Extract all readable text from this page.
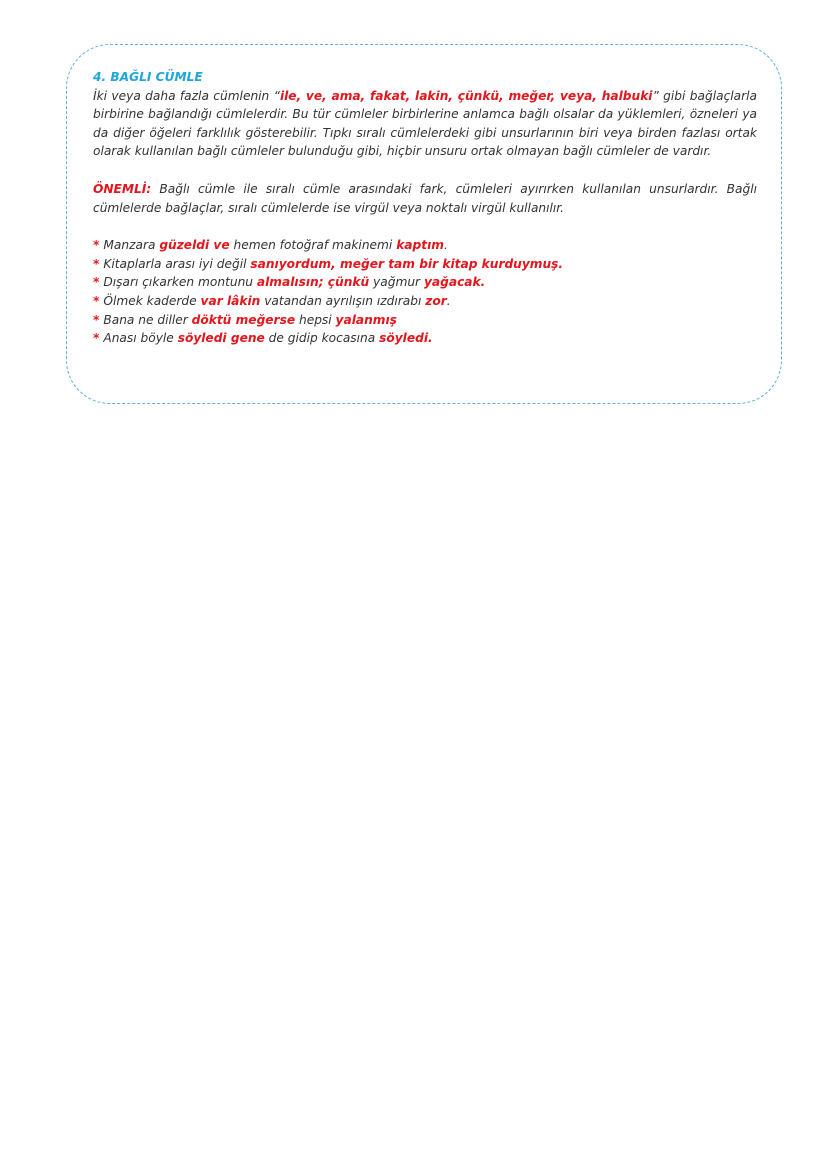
4. BAĞLI CÜMLE

İki veya daha fazla cümlenin “ile, ve, ama, fakat, lakin, çünkü, meğer, veya, halbuki” gibi bağlaçlarla birbirine bağlandığı cümlelerdir. Bu tür cümleler birbirlerine anlamca bağlı olsalar da yüklemleri, özneleri ya da diğer öğeleri farklılık gösterebilir. Tıpkı sıralı cümlelerdeki gibi unsurlarının biri veya birden fazlası ortak olarak kullanılan bağlı cümleler bulunduğu gibi, hiçbir unsuru ortak olmayan bağlı cümleler de vardır.

ÖNEMLİ: Bağlı cümle ile sıralı cümle arasındaki fark, cümleleri ayırırken kullanılan unsurlardır. Bağlı cümlelerde bağlaçlar, sıralı cümlelerde ise virgül veya noktalı virgül kullanılır.

* Manzara güzeldi ve hemen fotoğraf makinemi kaptım.
* Kitaplarla arası iyi değil sanıyordum, meğer tam bir kitap kurduymuş.
* Dışarı çıkarken montunu almalısın; çünkü yağmur yağacak.
* Ölmek kaderde var lâkin vatandan ayrılışın ızdırabı zor.
* Bana ne diller döktü meğerse hepsi yalanmış
* Anası böyle söyledi gene de gidip kocasına söyledi.
